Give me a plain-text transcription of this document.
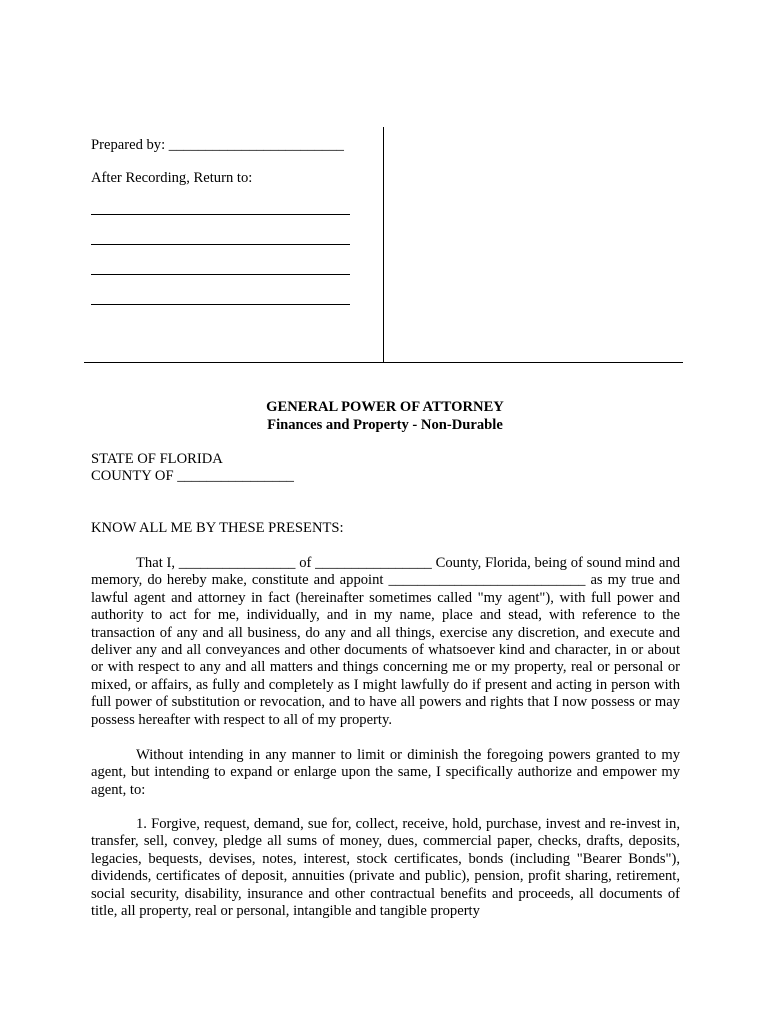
Prepared by: ________________________
After Recording, Return to:
GENERAL POWER OF ATTORNEY
Finances and Property - Non-Durable
STATE OF FLORIDA
COUNTY OF ________________
KNOW ALL ME BY THESE PRESENTS:

That I, ________________ of ________________ County, Florida, being of sound mind and memory, do hereby make, constitute and appoint ___________________________ as my true and lawful agent and attorney in fact (hereinafter sometimes called "my agent"), with full power and authority to act for me, individually, and in my name, place and stead, with reference to the transaction of any and all business, do any and all things, exercise any discretion, and execute and deliver any and all conveyances and other documents of whatsoever kind and character, in or about or with respect to any and all matters and things concerning me or my property, real or personal or mixed, or affairs, as fully and completely as I might lawfully do if present and acting in person with full power of substitution or revocation, and to have all powers and rights that I now possess or may possess hereafter with respect to all of my property.

Without intending in any manner to limit or diminish the foregoing powers granted to my agent, but intending to expand or enlarge upon the same, I specifically authorize and empower my agent, to:

1. Forgive, request, demand, sue for, collect, receive, hold, purchase, invest and re-invest in, transfer, sell, convey, pledge all sums of money, dues, commercial paper, checks, drafts, deposits, legacies, bequests, devises, notes, interest, stock certificates, bonds (including "Bearer Bonds"), dividends, certificates of deposit, annuities (private and public), pension, profit sharing, retirement, social security, disability, insurance and other contractual benefits and proceeds, all documents of title, all property, real or personal, intangible and tangible property
